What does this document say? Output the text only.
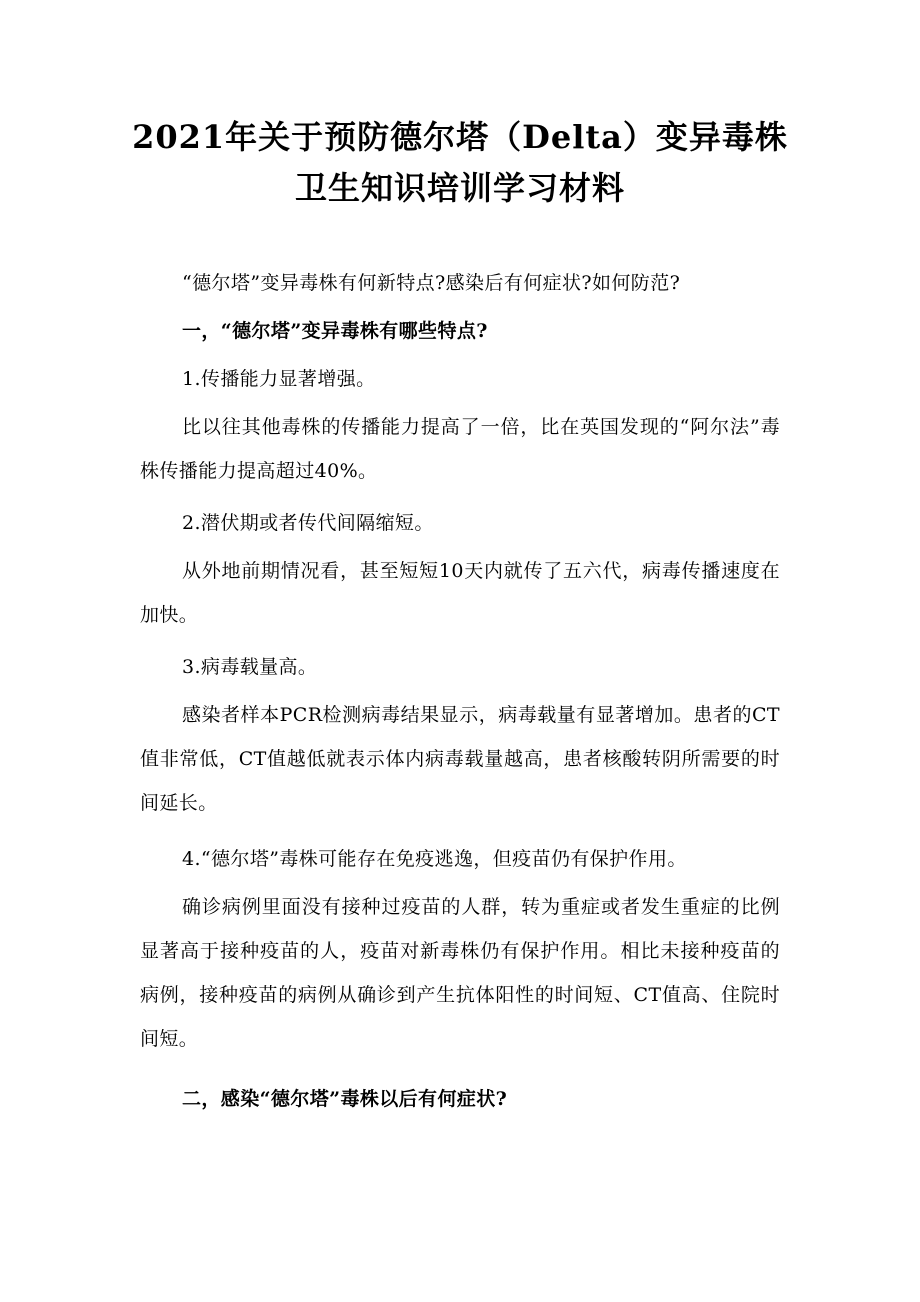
2021年关于预防德尔塔（Delta）变异毒株
卫生知识培训学习材料

“德尔塔”变异毒株有何新特点?感染后有何症状?如何防范?

一，“德尔塔”变异毒株有哪些特点?

1.传播能力显著增强。

比以往其他毒株的传播能力提高了一倍，比在英国发现的“阿尔法”毒株传播能力提高超过40%。

2.潜伏期或者传代间隔缩短。

从外地前期情况看，甚至短短10天内就传了五六代，病毒传播速度在加快。

3.病毒载量高。

感染者样本PCR检测病毒结果显示，病毒载量有显著增加。患者的CT值非常低，CT值越低就表示体内病毒载量越高，患者核酸转阴所需要的时间延长。

4.“德尔塔”毒株可能存在免疫逃逸，但疫苗仍有保护作用。

确诊病例里面没有接种过疫苗的人群，转为重症或者发生重症的比例显著高于接种疫苗的人，疫苗对新毒株仍有保护作用。相比未接种疫苗的病例，接种疫苗的病例从确诊到产生抗体阳性的时间短、CT值高、住院时间短。

二，感染“德尔塔”毒株以后有何症状?
